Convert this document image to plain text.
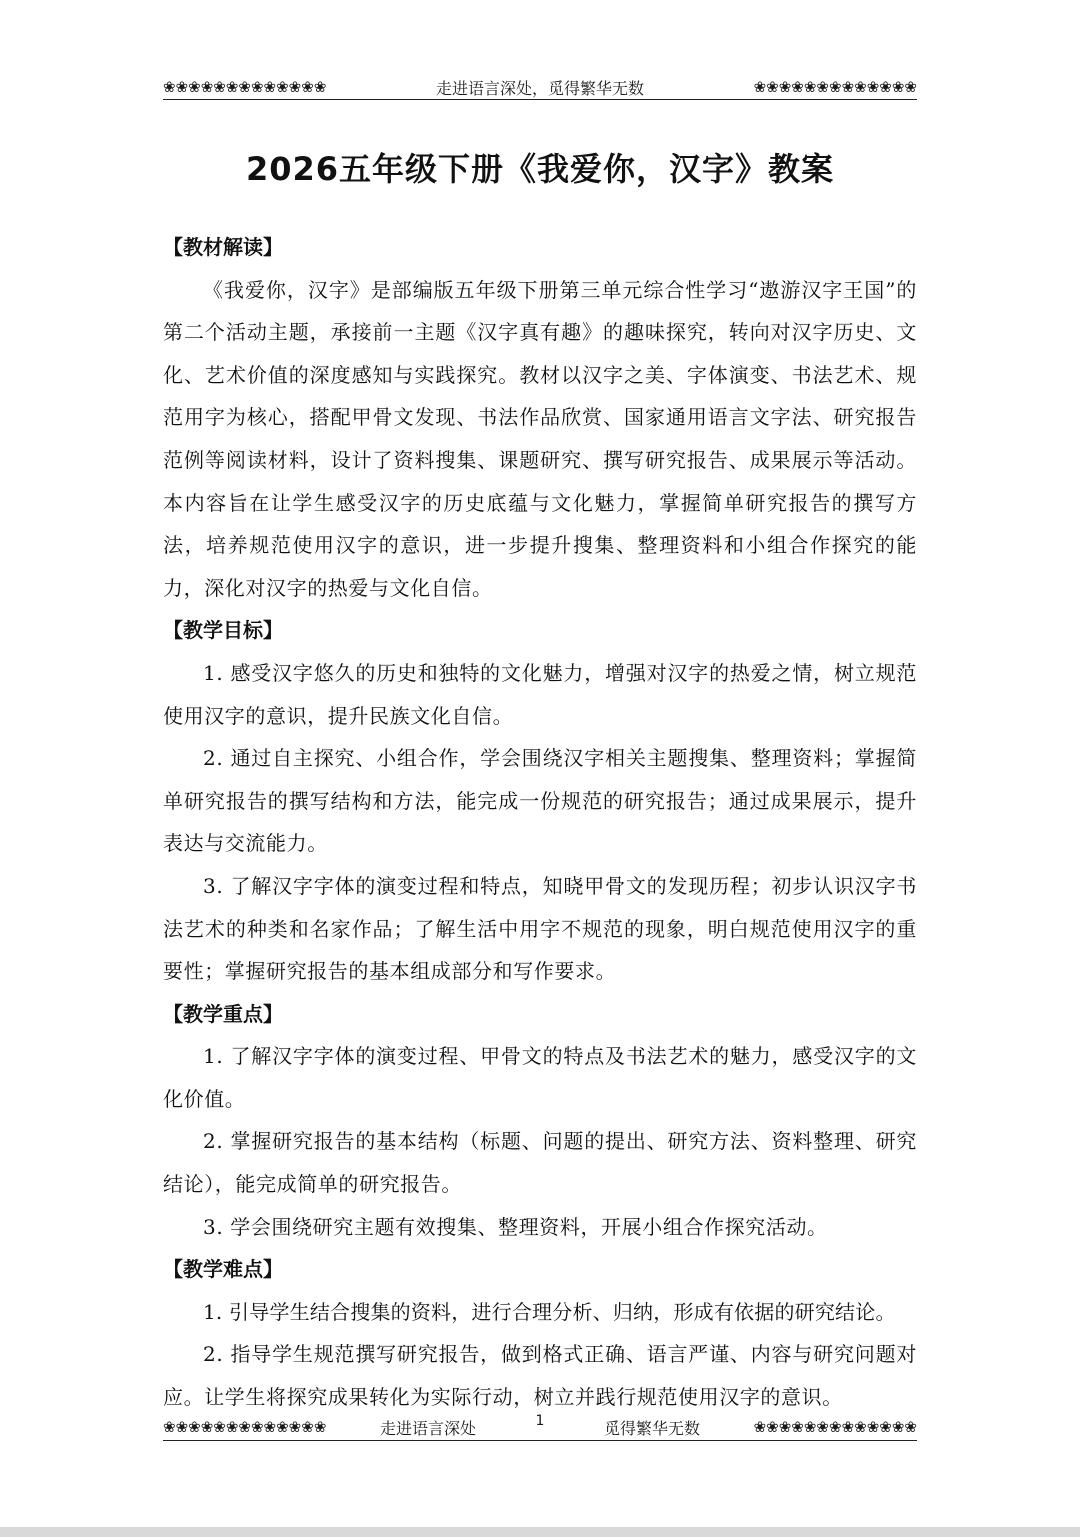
❀❀❀❀❀❀❀❀❀❀❀❀❀	走进语言深处，觅得繁华无数	❀❀❀❀❀❀❀❀❀❀❀❀❀
2026五年级下册《我爱你，汉字》教案

【教材解读】

《我爱你，汉字》是部编版五年级下册第三单元综合性学习“遨游汉字王国”的第二个活动主题，承接前一主题《汉字真有趣》的趣味探究，转向对汉字历史、文化、艺术价值的深度感知与实践探究。教材以汉字之美、字体演变、书法艺术、规范用字为核心，搭配甲骨文发现、书法作品欣赏、国家通用语言文字法、研究报告范例等阅读材料，设计了资料搜集、课题研究、撰写研究报告、成果展示等活动。本内容旨在让学生感受汉字的历史底蕴与文化魅力，掌握简单研究报告的撰写方法，培养规范使用汉字的意识，进一步提升搜集、整理资料和小组合作探究的能力，深化对汉字的热爱与文化自信。

【教学目标】

1. 感受汉字悠久的历史和独特的文化魅力，增强对汉字的热爱之情，树立规范使用汉字的意识，提升民族文化自信。

2. 通过自主探究、小组合作，学会围绕汉字相关主题搜集、整理资料；掌握简单研究报告的撰写结构和方法，能完成一份规范的研究报告；通过成果展示，提升表达与交流能力。

3. 了解汉字字体的演变过程和特点，知晓甲骨文的发现历程；初步认识汉字书法艺术的种类和名家作品；了解生活中用字不规范的现象，明白规范使用汉字的重要性；掌握研究报告的基本组成部分和写作要求。

【教学重点】

1. 了解汉字字体的演变过程、甲骨文的特点及书法艺术的魅力，感受汉字的文化价值。

2. 掌握研究报告的基本结构（标题、问题的提出、研究方法、资料整理、研究结论），能完成简单的研究报告。

3. 学会围绕研究主题有效搜集、整理资料，开展小组合作探究活动。

【教学难点】

1. 引导学生结合搜集的资料，进行合理分析、归纳，形成有依据的研究结论。

2. 指导学生规范撰写研究报告，做到格式正确、语言严谨、内容与研究问题对应。让学生将探究成果转化为实际行动，树立并践行规范使用汉字的意识。

❀❀❀❀❀❀❀❀❀❀❀❀❀	走进语言深处	1	觅得繁华无数	❀❀❀❀❀❀❀❀❀❀❀❀❀
